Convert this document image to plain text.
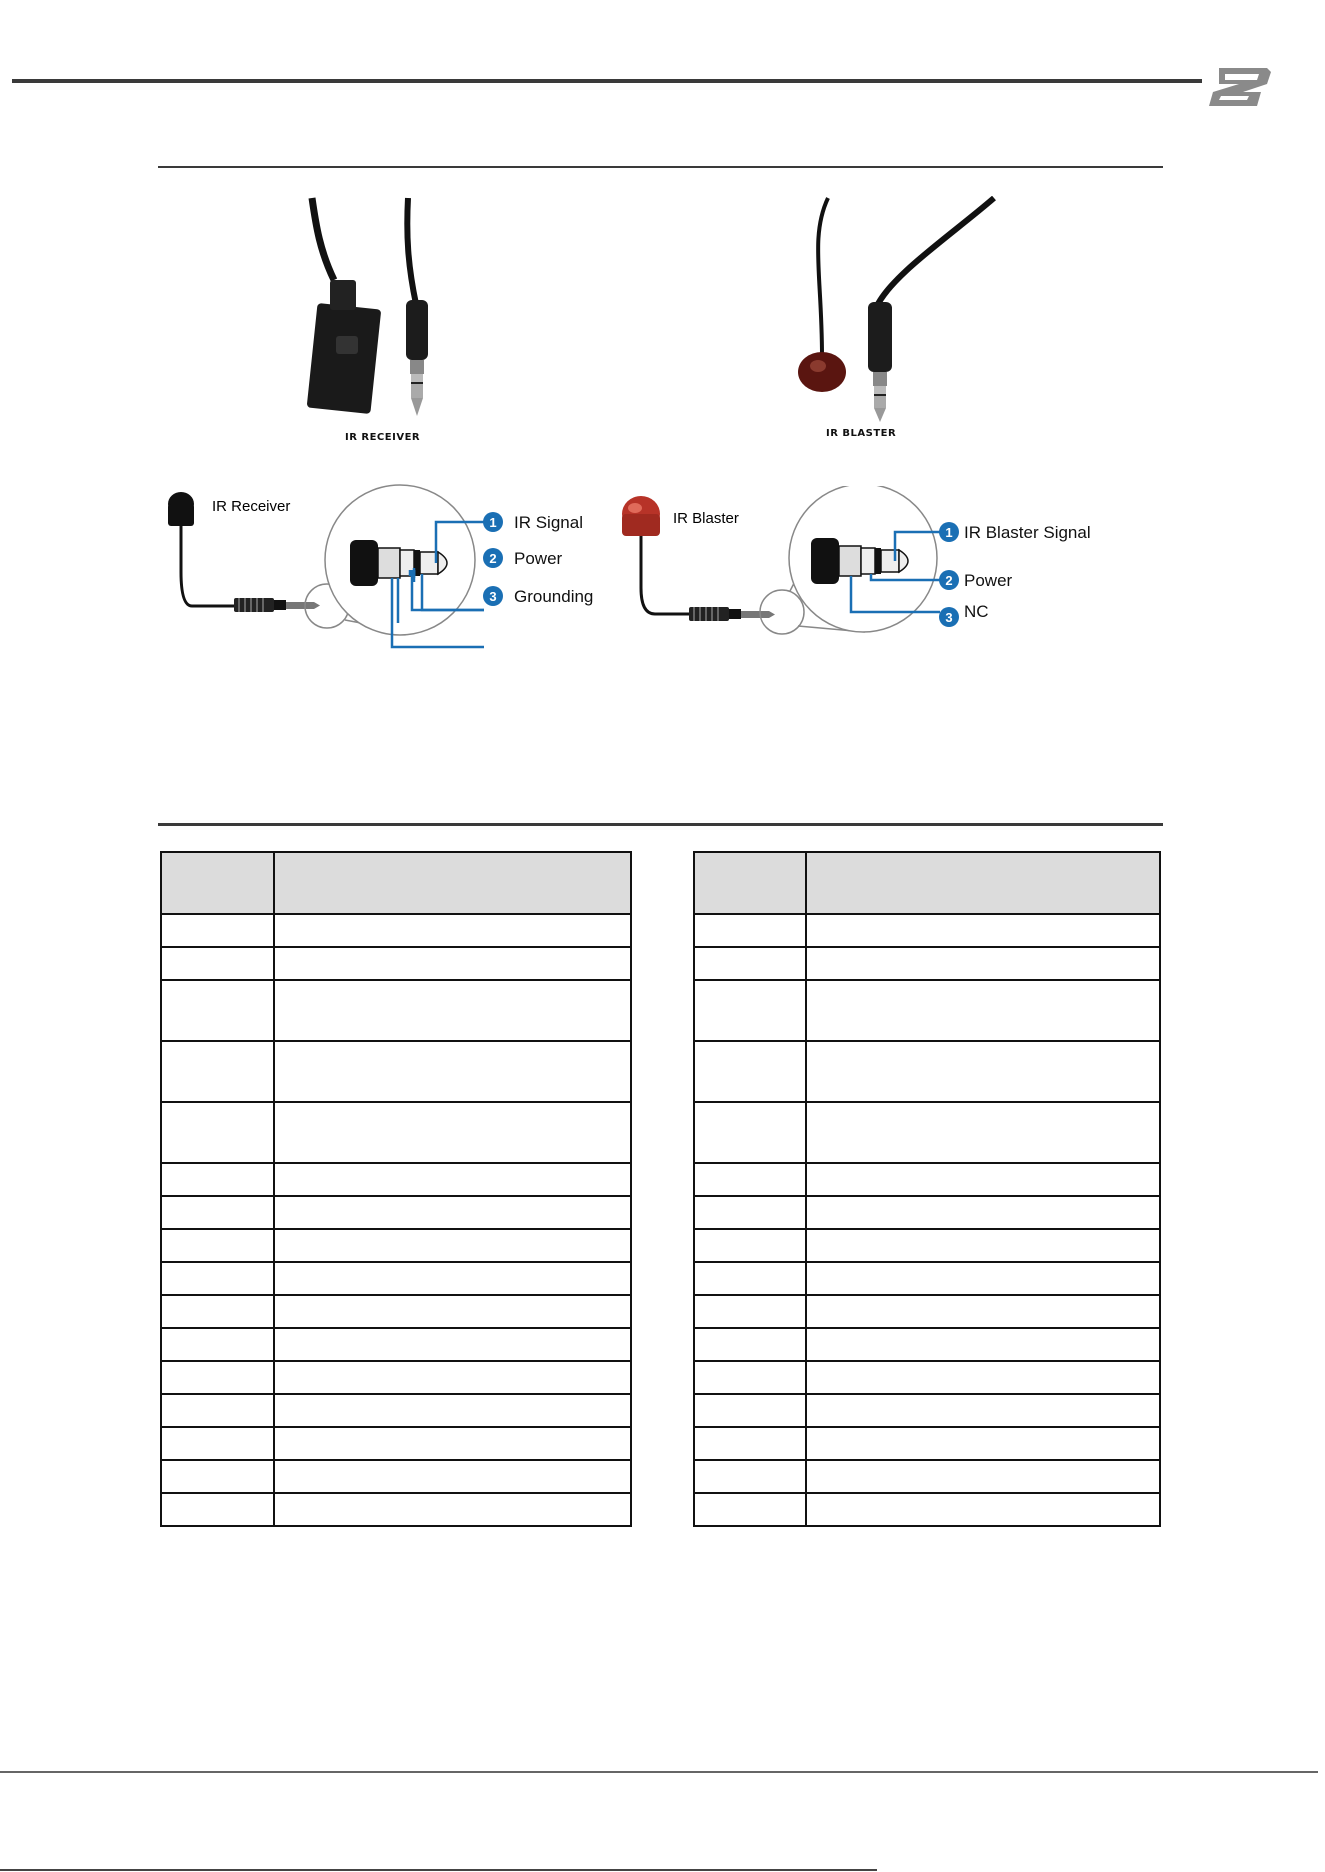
IR RECEIVER	IR BLASTER
1 IR Signal
2 Power
3 Grounding
IR Receiver
1 IR Blaster Signal
2 Power
3 NC
IR Blaster
